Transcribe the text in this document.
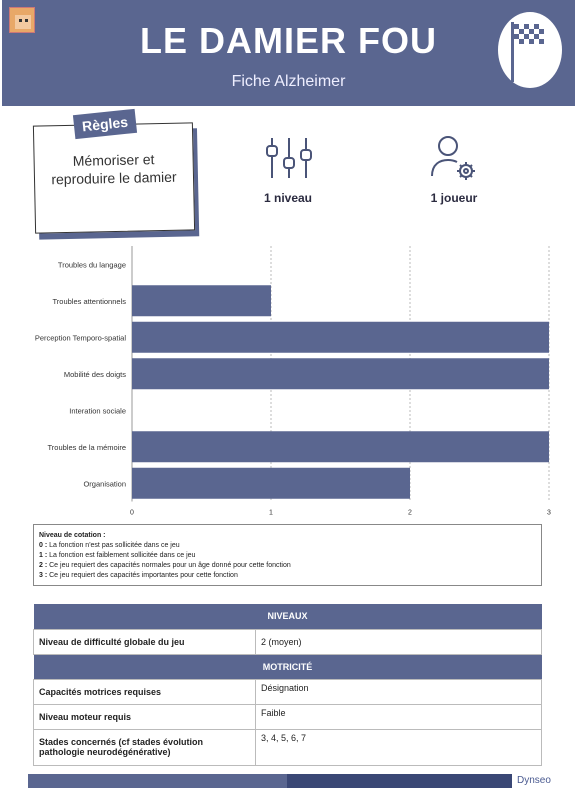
LE DAMIER FOU
Fiche Alzheimer
Mémoriser et
reproduire le damier
Règles
1 niveau	1 joueur
0	1	2	3
Troubles du langage
Troubles attentionnels
Perception Temporo-spatial
Mobilité des doigts
Interation sociale
Troubles de la mémoire
Organisation
Niveau de cotation :
0 : La fonction n'est pas sollicitée dans ce jeu
1 : La fonction est faiblement sollicitée dans ce jeu
2 : Ce jeu requiert des capacités normales pour un âge donné pour cette fonction
3 : Ce jeu requiert des capacités importantes pour cette fonction
NIVEAUX	
Niveau de difficulté globale du jeu	2 (moyen)
MOTRICITÉ	
Capacités motrices requises	Désignation
Niveau moteur requis	Faible
Stades concernés (cf stades évolution pathologie neurodégénérative)	3, 4, 5, 6, 7
Dynseo
